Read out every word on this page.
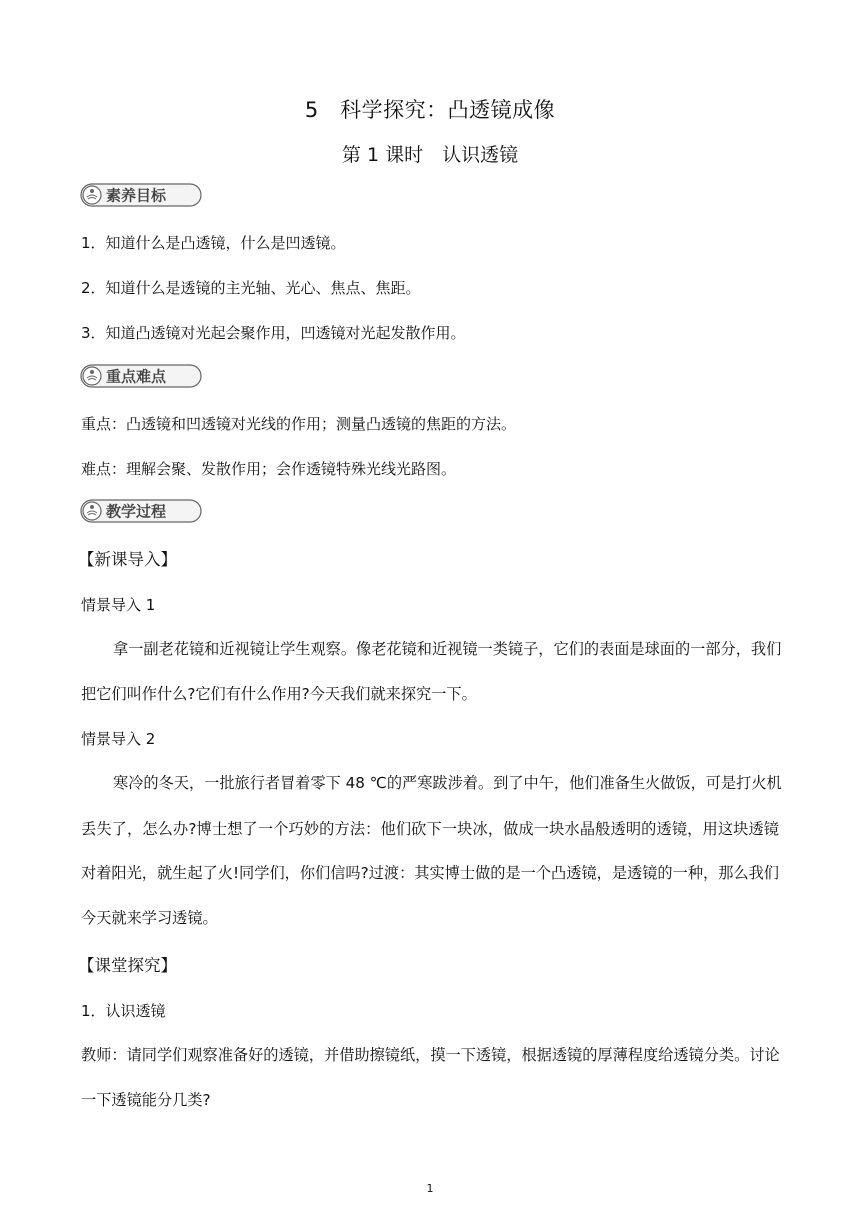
5　科学探究：凸透镜成像
第 1 课时　认识透镜
素养目标
1．知道什么是凸透镜，什么是凹透镜。
2．知道什么是透镜的主光轴、光心、焦点、焦距。
3．知道凸透镜对光起会聚作用，凹透镜对光起发散作用。
重点难点
重点：凸透镜和凹透镜对光线的作用；测量凸透镜的焦距的方法。
难点：理解会聚、发散作用；会作透镜特殊光线光路图。
教学过程
【新课导入】
情景导入 1
拿一副老花镜和近视镜让学生观察。像老花镜和近视镜一类镜子，它们的表面是球面的一部分，我们
把它们叫作什么?它们有什么作用?今天我们就来探究一下。
情景导入 2
寒冷的冬天，一批旅行者冒着零下 48 ℃的严寒跋涉着。到了中午，他们准备生火做饭，可是打火机
丢失了，怎么办?博士想了一个巧妙的方法：他们砍下一块冰，做成一块水晶般透明的透镜，用这块透镜
对着阳光，就生起了火!同学们，你们信吗?过渡：其实博士做的是一个凸透镜，是透镜的一种，那么我们
今天就来学习透镜。
【课堂探究】
1．认识透镜
教师：请同学们观察准备好的透镜，并借助擦镜纸，摸一下透镜，根据透镜的厚薄程度给透镜分类。讨论
一下透镜能分几类?
1
